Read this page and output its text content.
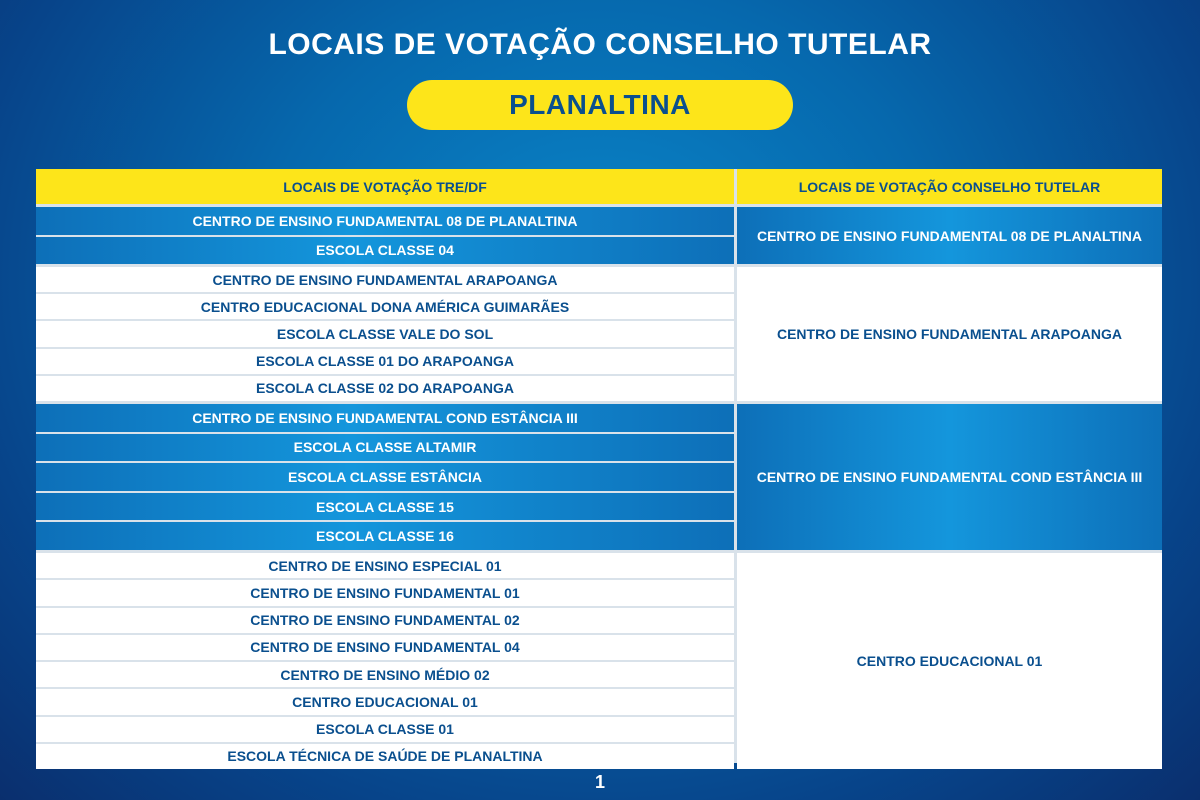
LOCAIS DE VOTAÇÃO CONSELHO TUTELAR
PLANALTINA
LOCAIS DE VOTAÇÃO TRE/DF	LOCAIS DE VOTAÇÃO CONSELHO TUTELAR
CENTRO DE ENSINO FUNDAMENTAL 08 DE PLANALTINA
ESCOLA CLASSE 04
CENTRO DE ENSINO FUNDAMENTAL 08 DE PLANALTINA
CENTRO DE ENSINO FUNDAMENTAL ARAPOANGA
CENTRO EDUCACIONAL DONA AMÉRICA GUIMARÃES
ESCOLA CLASSE VALE DO SOL
ESCOLA CLASSE 01 DO ARAPOANGA
ESCOLA CLASSE 02 DO ARAPOANGA
CENTRO DE ENSINO FUNDAMENTAL ARAPOANGA
CENTRO DE ENSINO FUNDAMENTAL COND ESTÂNCIA III
ESCOLA CLASSE ALTAMIR
ESCOLA CLASSE ESTÂNCIA
ESCOLA CLASSE 15
ESCOLA CLASSE 16
CENTRO DE ENSINO FUNDAMENTAL COND ESTÂNCIA III
CENTRO DE ENSINO ESPECIAL 01
CENTRO DE ENSINO FUNDAMENTAL 01
CENTRO DE ENSINO FUNDAMENTAL 02
CENTRO DE ENSINO FUNDAMENTAL 04
CENTRO DE ENSINO MÉDIO 02
CENTRO EDUCACIONAL 01
ESCOLA CLASSE 01
ESCOLA TÉCNICA DE SAÚDE DE PLANALTINA
CENTRO EDUCACIONAL 01
1
